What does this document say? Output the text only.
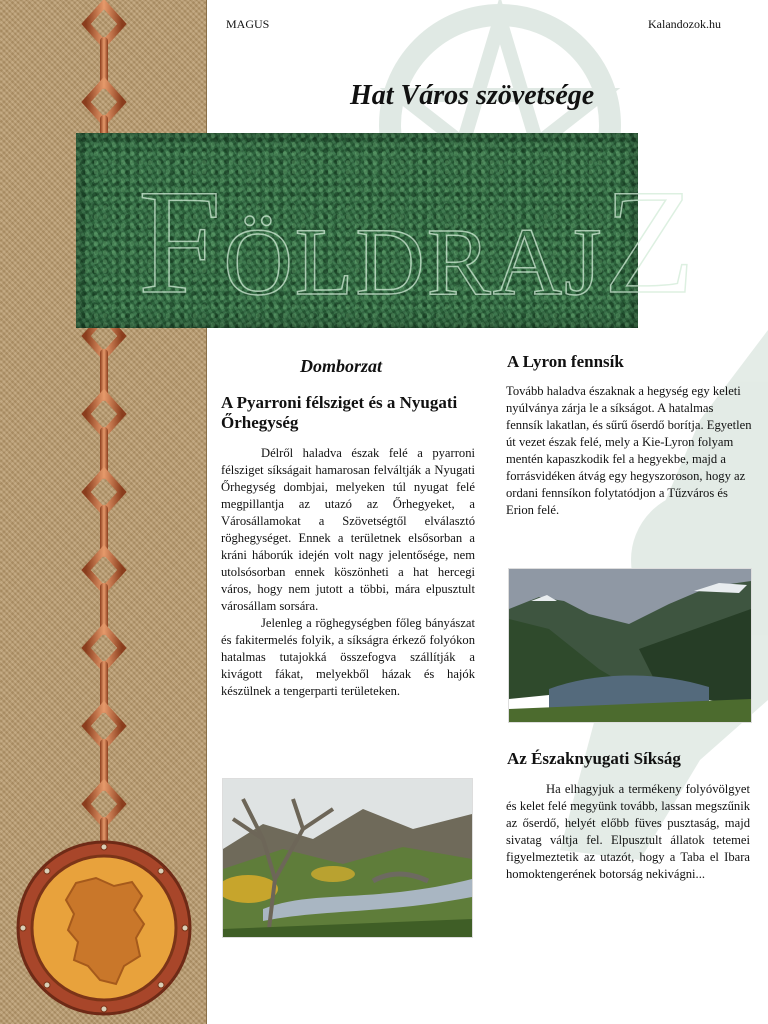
MAGUS	Kalandozok.hu
Hat Város szövetsége
F ÖLDRAJ Z
Domborzat
A Pyarroni félsziget és a Nyugati Őrhegység

Délről haladva észak felé a pyarroni félsziget síkságait hamarosan felváltják a Nyugati Őrhegység dombjai, melyeken túl nyugat felé megpillantja az utazó az Őrhegyeket, a Városállamokat a Szövetségtől elválasztó röghegységet. Ennek a területnek elsősorban a kráni háborúk idején volt nagy jelentősége, nem utolsósorban ennek köszönheti a hat hercegi város, hogy nem jutott a többi, mára elpusztult városállam sorsára.

Jelenleg a röghegységben főleg bányászat és fakitermelés folyik, a síkságra érkező folyókon hatalmas tutajokká összefogva szállítják a kivágott fákat, melyekből házak és hajók készülnek a tengerparti területeken.

A Lyron fennsík

Tovább haladva északnak a hegység egy keleti nyúlványa zárja le a síkságot. A hatalmas fennsík lakatlan, és sűrű őserdő borítja. Egyetlen út vezet észak felé, mely a Kie-Lyron folyam mentén kapaszkodik fel a hegyekbe, majd a forrásvidéken átvág egy hegyszoroson, hogy az ordani fennsíkon folytatódjon a Tűzváros és Erion felé.

Az Északnyugati Síkság

Ha elhagyjuk a termékeny folyóvölgyet és kelet felé megyünk tovább, lassan megszűnik az őserdő, helyét előbb füves pusztaság, majd sivatag váltja fel. Elpusztult állatok tetemei figyelmeztetik az utazót, hogy a Taba el Ibara homoktengerének botorság nekivágni...
